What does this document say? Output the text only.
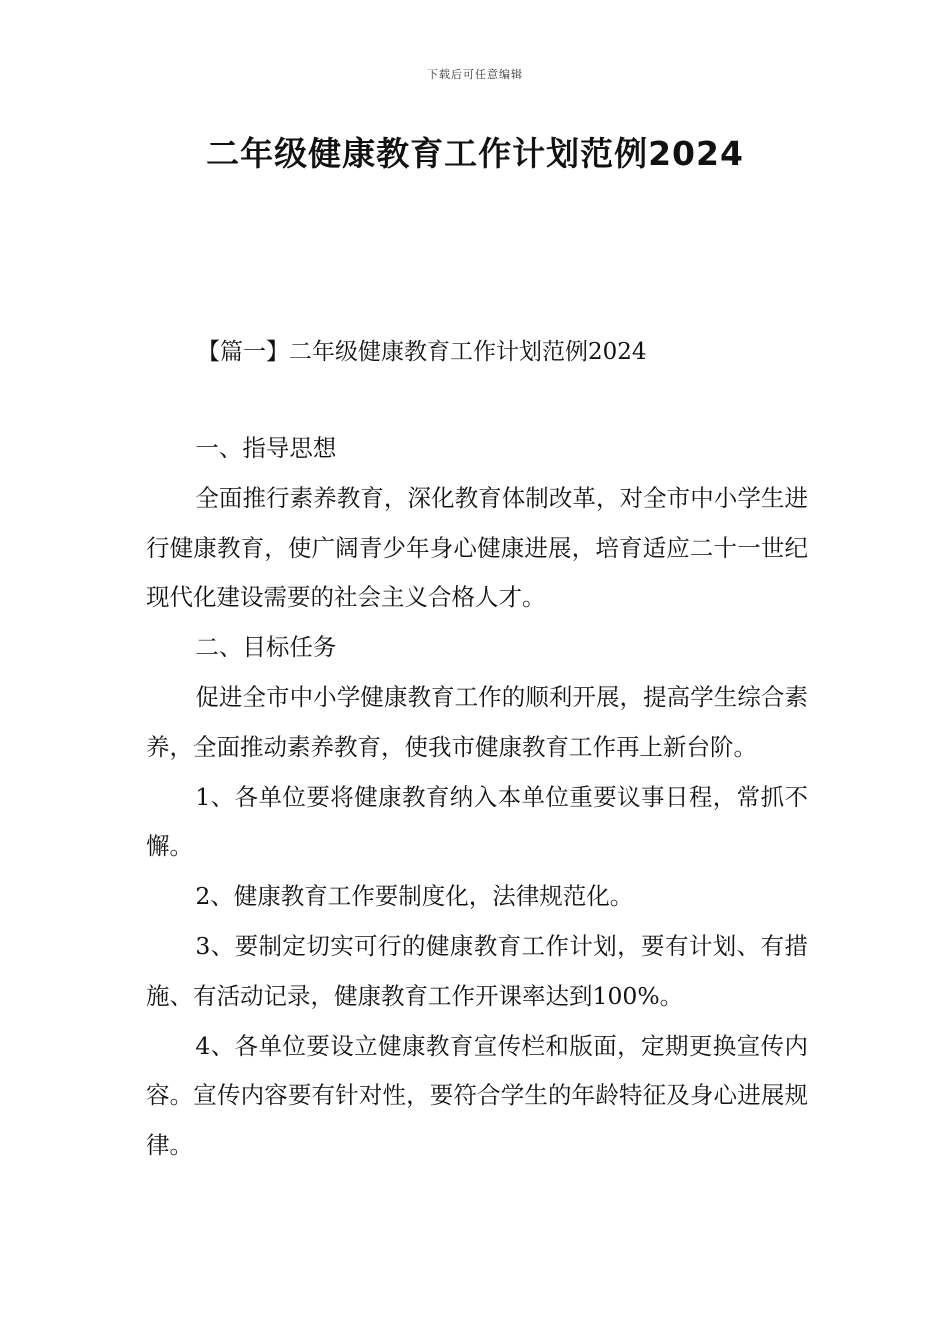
下载后可任意编辑
二年级健康教育工作计划范例2024
【篇一】二年级健康教育工作计划范例2024

一、指导思想

全面推行素养教育，深化教育体制改革，对全市中小学生进行健康教育，使广阔青少年身心健康进展，培育适应二十一世纪现代化建设需要的社会主义合格人才。

二、目标任务

促进全市中小学健康教育工作的顺利开展，提高学生综合素养，全面推动素养教育，使我市健康教育工作再上新台阶。

1、各单位要将健康教育纳入本单位重要议事日程，常抓不懈。

2、健康教育工作要制度化，法律规范化。

3、要制定切实可行的健康教育工作计划，要有计划、有措施、有活动记录，健康教育工作开课率达到100%。

4、各单位要设立健康教育宣传栏和版面，定期更换宣传内容。宣传内容要有针对性，要符合学生的年龄特征及身心进展规律。
